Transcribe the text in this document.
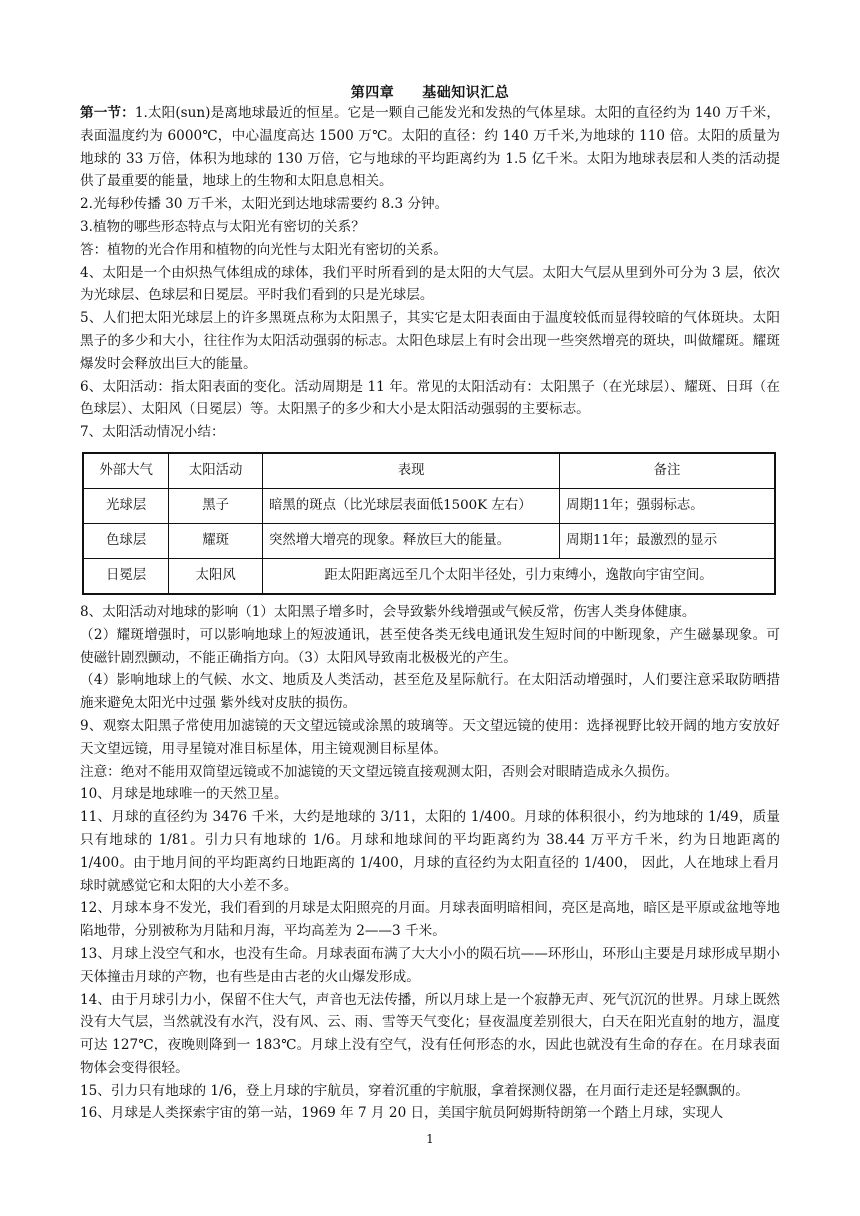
第四章 基础知识汇总

第一节：1.太阳(sun)是离地球最近的恒星。它是一颗自己能发光和发热的气体星球。太阳的直径约为 140 万千米，表面温度约为 6000℃，中心温度高达 1500 万℃。太阳的直径：约 140 万千米,为地球的 110 倍。太阳的质量为地球的 33 万倍，体积为地球的 130 万倍，它与地球的平均距离约为 1.5 亿千米。太阳为地球表层和人类的活动提供了最重要的能量，地球上的生物和太阳息息相关。

2.光每秒传播 30 万千米，太阳光到达地球需要约 8.3 分钟。

3.植物的哪些形态特点与太阳光有密切的关系？

答：植物的光合作用和植物的向光性与太阳光有密切的关系。

4、太阳是一个由炽热气体组成的球体，我们平时所看到的是太阳的大气层。太阳大气层从里到外可分为 3 层，依次为光球层、色球层和日冕层。平时我们看到的只是光球层。

5、人们把太阳光球层上的许多黑斑点称为太阳黑子，其实它是太阳表面由于温度较低而显得较暗的气体斑块。太阳黑子的多少和大小，往往作为太阳活动强弱的标志。太阳色球层上有时会出现一些突然增亮的斑块，叫做耀斑。耀斑爆发时会释放出巨大的能量。

6、太阳活动：指太阳表面的变化。活动周期是 11 年。常见的太阳活动有：太阳黑子（在光球层）、耀斑、日珥（在色球层）、太阳风（日冕层）等。太阳黑子的多少和大小是太阳活动强弱的主要标志。

7、太阳活动情况小结：

外部大气	太阳活动	表现	备注
光球层	黑子	暗黑的斑点（比光球层表面低1500K 左右）	周期11年；强弱标志。
色球层	耀斑	突然增大增亮的现象。释放巨大的能量。	周期11年；最激烈的显示
日冕层	太阳风	距太阳距离远至几个太阳半径处，引力束缚小，逸散向宇宙空间。	

8、太阳活动对地球的影响（1）太阳黑子增多时，会导致紫外线增强或气候反常，伤害人类身体健康。

（2）耀斑增强时，可以影响地球上的短波通讯，甚至使各类无线电通讯发生短时间的中断现象，产生磁暴现象。可使磁针剧烈颤动，不能正确指方向。（3）太阳风导致南北极极光的产生。

（4）影响地球上的气候、水文、地质及人类活动，甚至危及星际航行。在太阳活动增强时，人们要注意采取防晒措施来避免太阳光中过强 紫外线对皮肤的损伤。

9、观察太阳黑子常使用加滤镜的天文望远镜或涂黑的玻璃等。天文望远镜的使用：选择视野比较开阔的地方安放好天文望远镜，用寻星镜对准目标星体，用主镜观测目标星体。

注意：绝对不能用双筒望远镜或不加滤镜的天文望远镜直接观测太阳，否则会对眼睛造成永久损伤。

10、月球是地球唯一的天然卫星。

11、月球的直径约为 3476 千米，大约是地球的 3/11，太阳的 1/400。月球的体积很小，约为地球的 1/49，质量只有地球的 1/81。引力只有地球的 1/6。月球和地球间的平均距离约为 38.44 万平方千米，约为日地距离的 1/400。由于地月间的平均距离约日地距离的 1/400，月球的直径约为太阳直径的 1/400， 因此，人在地球上看月球时就感觉它和太阳的大小差不多。

12、月球本身不发光，我们看到的月球是太阳照亮的月面。月球表面明暗相间，亮区是高地，暗区是平原或盆地等地陷地带，分别被称为月陆和月海，平均高差为 2——3 千米。

13、月球上没空气和水，也没有生命。月球表面布满了大大小小的陨石坑——环形山，环形山主要是月球形成早期小天体撞击月球的产物，也有些是由古老的火山爆发形成。

14、由于月球引力小，保留不住大气，声音也无法传播，所以月球上是一个寂静无声、死气沉沉的世界。月球上既然没有大气层，当然就没有水汽，没有风、云、雨、雪等天气变化；昼夜温度差别很大，白天在阳光直射的地方，温度可达 127℃，夜晚则降到一 183℃。月球上没有空气，没有任何形态的水，因此也就没有生命的存在。在月球表面物体会变得很轻。

15、引力只有地球的 1/6，登上月球的宇航员，穿着沉重的宇航服，拿着探测仪器，在月面行走还是轻飘飘的。

16、月球是人类探索宇宙的第一站，1969 年 7 月 20 日，美国宇航员阿姆斯特朗第一个踏上月球，实现人

1
